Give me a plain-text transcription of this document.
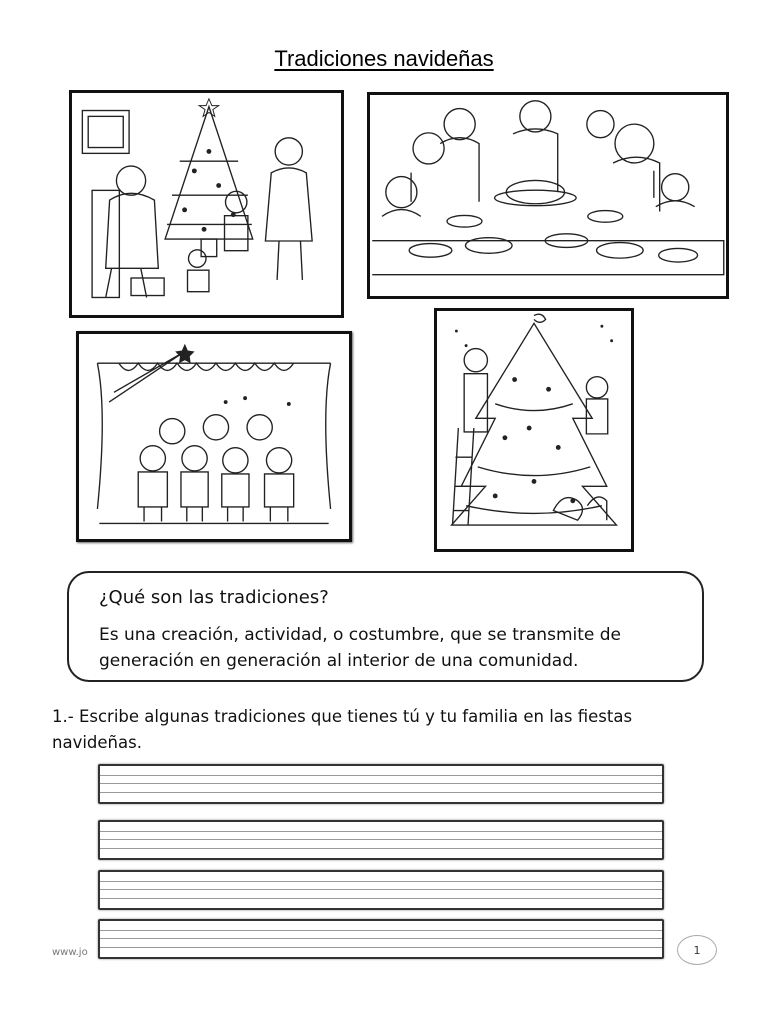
Tradiciones navideñas

¿Qué son las tradiciones?

Es una creación, actividad, o costumbre, que se transmite de

generación en generación al interior de una comunidad.

1.- Escribe algunas tradiciones que tienes tú y tu familia en las fiestas navideñas.
www.jo	1
